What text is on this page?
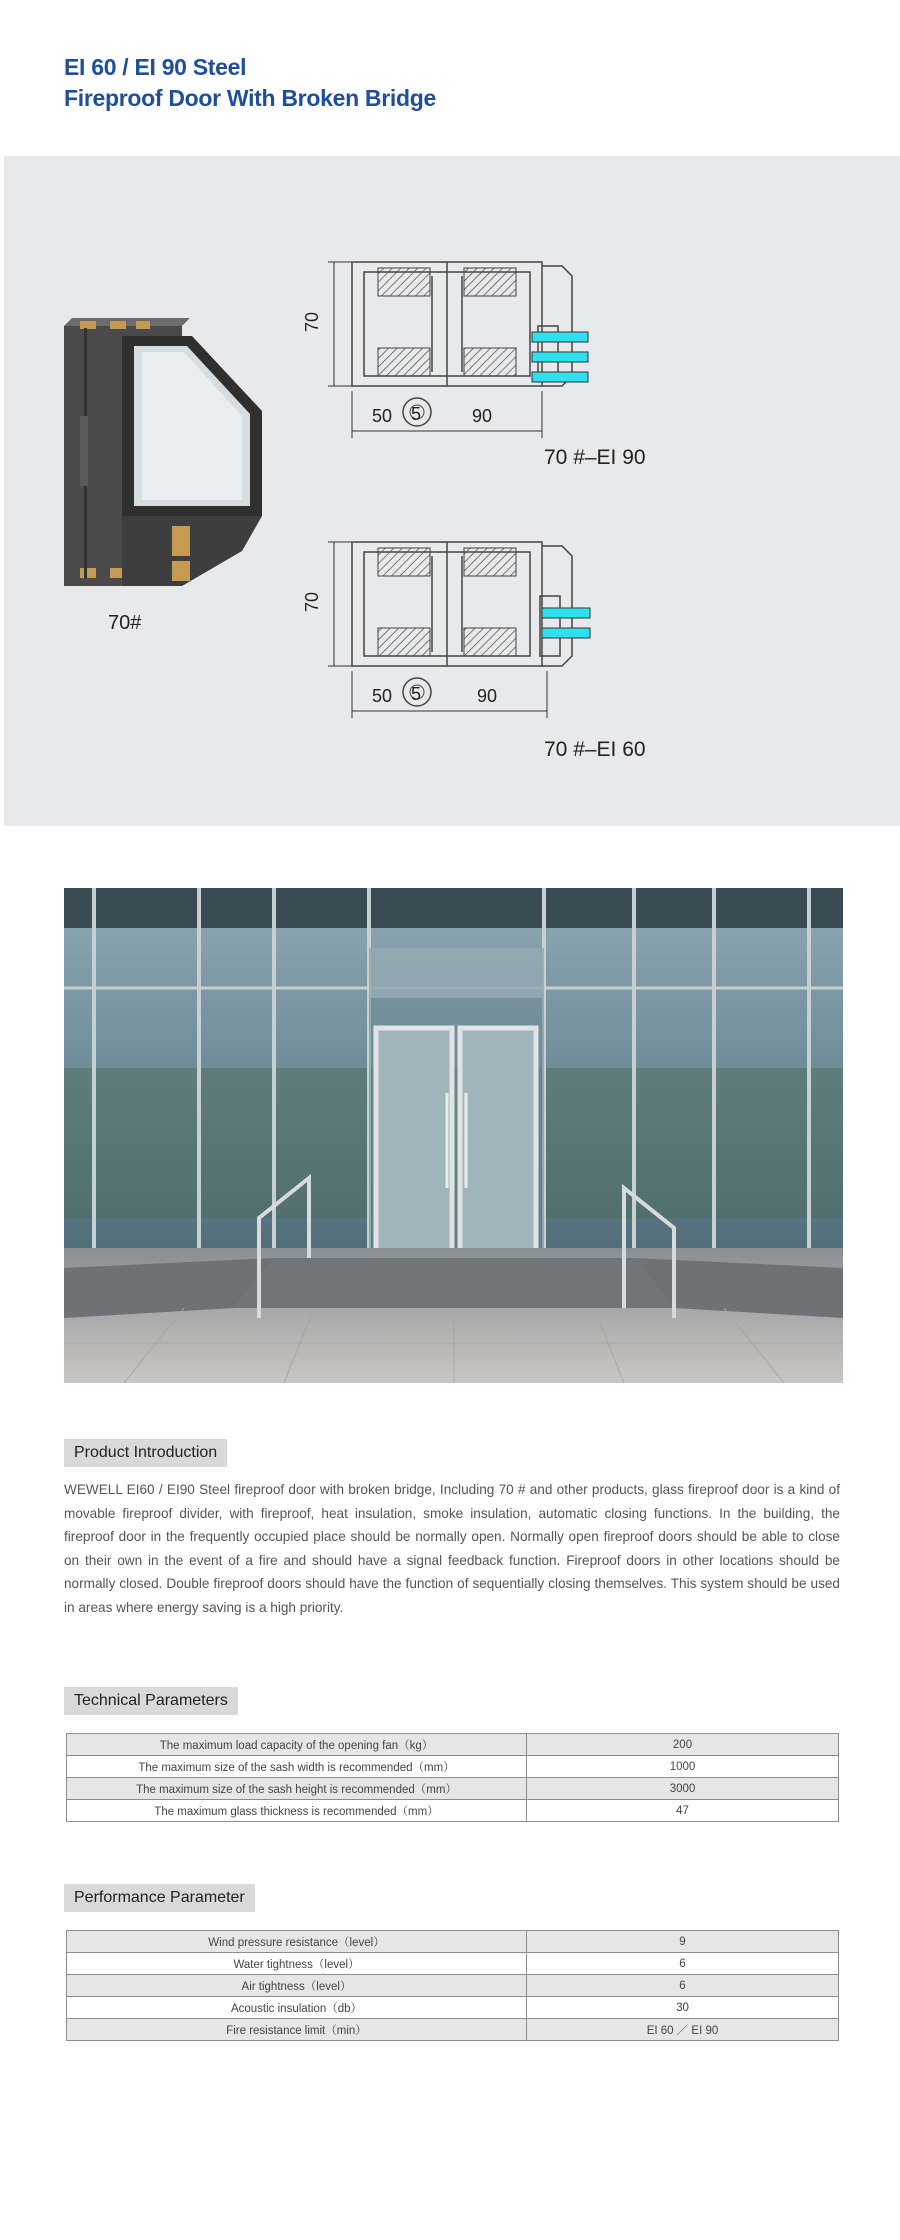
EI 60 / EI 90 Steel
Fireproof Door With Broken Bridge
70#
70
50 5	90
70 #–EI 90
70
50 5	90
70 #–EI 60
Product Introduction

WEWELL EI60 / EI90 Steel fireproof door with broken bridge, Including 70 # and other products, glass fireproof door is a kind of movable fireproof divider, with fireproof, heat insulation, smoke insulation, automatic closing functions. In the building, the fireproof door in the frequently occupied place should be normally open. Normally open fireproof doors should be able to close on their own in the event of a fire and should have a signal feedback function. Fireproof doors in other locations should be normally closed. Double fireproof doors should have the function of sequentially closing themselves. This system should be used in areas where energy saving is a high priority.

Technical Parameters
The maximum load capacity of the opening fan（kg）	200
The maximum size of the sash width is recommended（mm）	1000
The maximum size of the sash height is recommended（mm）	3000
The maximum glass thickness is recommended（mm）	47
Performance Parameter
Wind pressure resistance（level）	9
Water tightness（level）	6
Air tightness（level）	6
Acoustic insulation（db）	30
Fire resistance limit（min）	EI 60 ／ EI 90
